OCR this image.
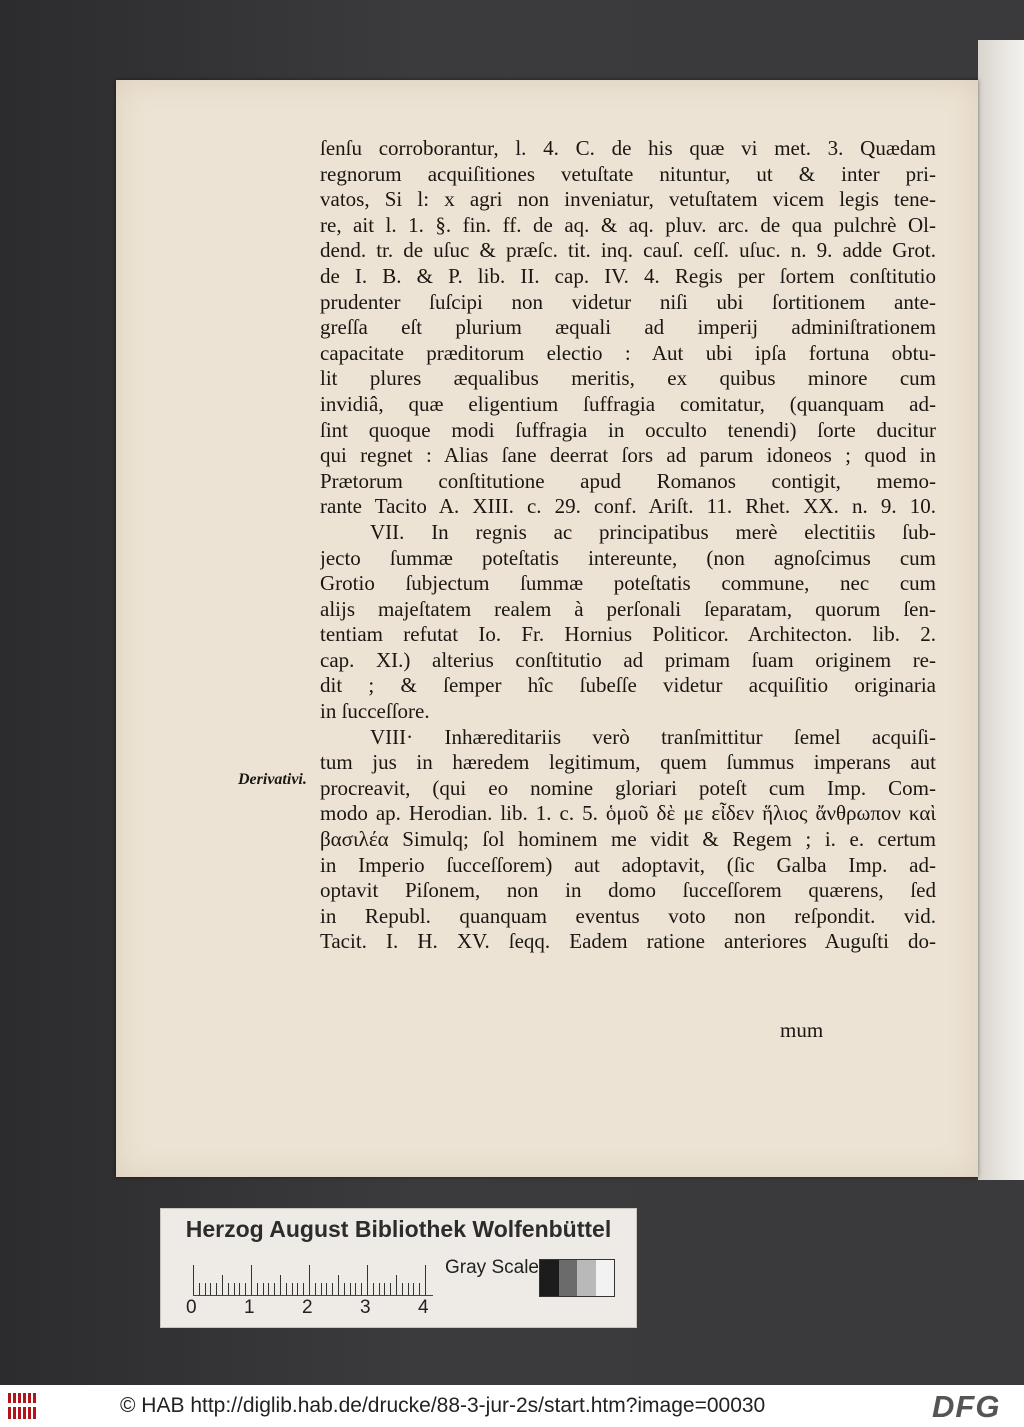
ſenſu corroborantur, l. 4. C. de his quæ vi met. 3. Quædam
regnorum acquiſitiones vetuſtate nituntur, ut & inter pri-
vatos, Si l: x agri non inveniatur, vetuſtatem vicem legis tene-
re, ait l. 1. §. fin. ff. de aq. & aq. pluv. arc. de qua pulchrè Ol-
dend. tr. de uſuc & præſc. tit. inq. cauſ. ceſſ. uſuc. n. 9. adde Grot.
de I. B. & P. lib. II. cap. IV. 4. Regis per ſortem conſtitutio
prudenter ſuſcipi non videtur niſi ubi ſortitionem ante-
greſſa eſt plurium æquali ad imperij adminiſtrationem
capacitate præditorum electio : Aut ubi ipſa fortuna obtu-
lit plures æqualibus meritis, ex quibus minore cum
invidiâ, quæ eligentium ſuffragia comitatur, (quanquam ad-
ſint quoque modi ſuffragia in occulto tenendi) ſorte ducitur
qui regnet : Alias ſane deerrat ſors ad parum idoneos ; quod in
Prætorum conſtitutione apud Romanos contigit, memo-
rante Tacito A. XIII. c. 29. conf. Ariſt. 11. Rhet. XX. n. 9. 10.
VII. In regnis ac principatibus merè electitiis ſub-
jecto ſummæ poteſtatis intereunte, (non agnoſcimus cum
Grotio ſubjectum ſummæ poteſtatis commune, nec cum
alijs majeſtatem realem à perſonali ſeparatam, quorum ſen-
tentiam refutat Io. Fr. Hornius Politicor. Architecton. lib. 2.
cap. XI.) alterius conſtitutio ad primam ſuam originem re-
dit ; & ſemper hîc ſubeſſe videtur acquiſitio originaria
in ſucceſſore.
VIII· Inhæreditariis verò tranſmittitur ſemel acquiſi-
tum jus in hæredem legitimum, quem ſummus imperans aut
procreavit, (qui eo nomine gloriari poteſt cum Imp. Com-
modo ap. Herodian. lib. 1. c. 5. ὁμοῦ δὲ με εἶδεν ἥλιος ἄνθρωπον καὶ
βασιλέα Simulq; ſol hominem me vidit & Regem ; i. e. certum
in Imperio ſucceſſorem) aut adoptavit, (ſic Galba Imp. ad-
optavit Piſonem, non in domo ſucceſſorem quærens, ſed
in Republ. quanquam eventus voto non reſpondit. vid.
Tacit. I. H. XV. ſeqq. Eadem ratione anteriores Auguſti do-
Derivativi.
mum
Herzog August Bibliothek Wolfenbüttel
0 1 2 3 4
Gray Scale
© HAB http://diglib.hab.de/drucke/88-3-jur-2s/start.htm?image=00030	DFG
